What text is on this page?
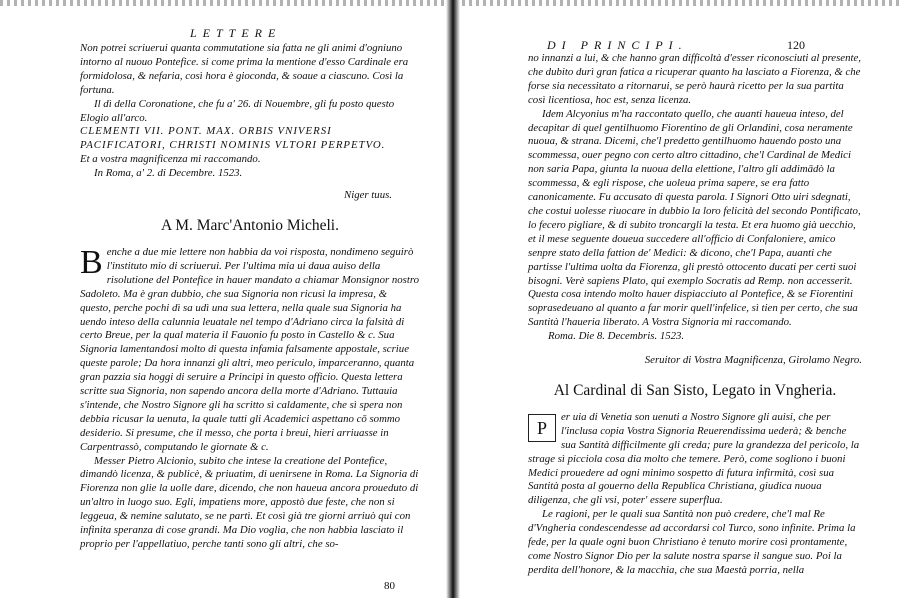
LETTERE

Non potrei scriuerui quanta commutatione sia fatta ne gli animi d'ogniuno intorno al nuouo Pontefice. si come prima la mentione d'esso Cardinale era formidolosa, & nefaria, così hora è gioconda, & soaue a ciascuno. Così la fortuna.

Il dì della Coronatione, che fu a' 26. di Nouembre, gli fu posto questo Elogio all'arco.

CLEMENTI VII. PONT. MAX. ORBIS VNIVERSI PACIFICATORI, CHRISTI NOMINIS VLTORI PERPETVO.

Et a vostra magnificenza mi raccomando.

In Roma, a' 2. di Decembre. 1523.

Niger tuus.

A M. Marc'Antonio Micheli.

Benche a due mie lettere non habbia da voi risposta, nondimeno seguirò l'instituto mio di scriuerui. Per l'ultima mia ui daua auiso della risolutione del Pontefice in hauer mandato a chiamar Monsignor nostro Sadoleto. Ma è gran dubbio, che sua Signoria non ricusi la impresa, & questo, perche pochi dì sa udì una sua lettera, nella quale sua Signoria ha uendo inteso della calunnia leuatale nel tempo d'Adriano circa la falsità di certo Breue, per la qual materia il Fauonio fu posto in Castello & c. Sua Signoria lamentandosi molto di questa infamia falsamente appostale, scriue queste parole; Da hora innanzi gli altri, meo periculo, imparceranno, quanta gran pazzia sia hoggi di seruire a Principi in questo officio. Questa lettera scritte sua Signoria, non sapendo ancora della morte d'Adriano. Tuttauia s'intende, che Nostro Signore gli ha scritto sì caldamente, che sì spera non debbia ricusar la uenuta, la quale tutti gli Academici aspettano cō sommo desiderio. Si presume, che il messo, che porta i breui, hieri arriuasse in Carpentrassò, computando le giornate & c.

Messer Pietro Alcionio, subito che intese la creatione del Pontefice, dimandò licenza, & publicè, & priuatim, di uenirsene in Roma. La Signoria di Fiorenza non glie la uolle dare, dicendo, che non haueua ancora proueduto di un'altro in luogo suo. Egli, impatiens more, appostò due feste, che non si leggeua, & nemine salutato, se ne partì. Et così già tre giorni arriuò qui con infinita speranza di cose grandi. Ma Dio voglia, che non habbia lasciato il proprio per l'appellatiuo, perche tanti sono gli altri, che so-

80
DI PRINCIPI.	120

no innanzi a lui, & che hanno gran difficoltà d'esser riconosciuti al presente, che dubito durì gran fatica a ricuperar quanto ha lasciato a Fiorenza, & che forse sia necessitato a ritornarui, se però haurà ricetto per la sua partita così licentiosa, hoc est, senza licenza.

Idem Alcyonius m'ha raccontato quello, che auanti haueua inteso, del decapitar di quel gentilhuomo Fiorentino de gli Orlandini, cosa neramente nuoua, & strana. Dicemi, che'l predetto gentilhuomo hauendo posto una scommessa, ouer pegno con certo altro cittadino, che'l Cardinal de Medici non saria Papa, giunta la nuoua della elettione, l'altro gli addimādò la scommessa, & egli rispose, che uoleua prima sapere, se era fatto canonicamente. Fu accusato di questa parola. I Signori Otto uiri sdegnati, che costui uolesse riuocare in dubbio la loro felicità del secondo Pontificato, lo fecero pigliare, & di subito troncargli la testa. Et era huomo già uecchio, et il mese seguente doueua succedere all'officio di Confaloniere, amico senpre stato della fattion de' Medici: & dicono, che'l Papa, auanti che partisse l'ultima uolta da Fiorenza, gli prestò ottocento ducati per certi suoi bisogni. Verè sapiens Plato, qui exemplo Socratis ad Remp. non accesserit. Questa cosa intendo molto hauer dispiacciuto al Pontefice, & se Fiorentini soprasedeuano al quanto a far morir quell'infelice, sì tien per certo, che sua Santità l'haueria liberato. A Vostra Signoria mi raccomando.

Roma. Die 8. Decembris. 1523.

Seruitor di Vostra Magnificenza, Girolamo Negro.

Al Cardinal di San Sisto, Legato in Vngheria.

P
er uia di Venetia son uenuti a Nostro Signore gli auisi, che per l'inclusa copia Vostra Signoria Reuerendissima uederà; & benche sua Santità difficilmente gli creda; pure la grandezza del pericolo, la strage sì picciola cosa dia molto che temere. Però, come sogliono i buoni Medici prouedere ad ogni minimo sospetto di futura infirmità, così sua Santità posta al gouerno della Republica Christiana, giudica nuoua diligenza, che gli vsi, poter' essere superflua.

Le ragioni, per le quali sua Santità non può credere, che'l mal Re d'Vngheria condescendesse ad accordarsi col Turco, sono infinite. Prima la fede, per la quale ogni buon Christiano è tenuto morire così prontamente, come Nostro Signor Dio per la salute nostra sparse il sangue suo. Poi la perdita dell'honore, & la macchia, che sua Maestà porria, nella
